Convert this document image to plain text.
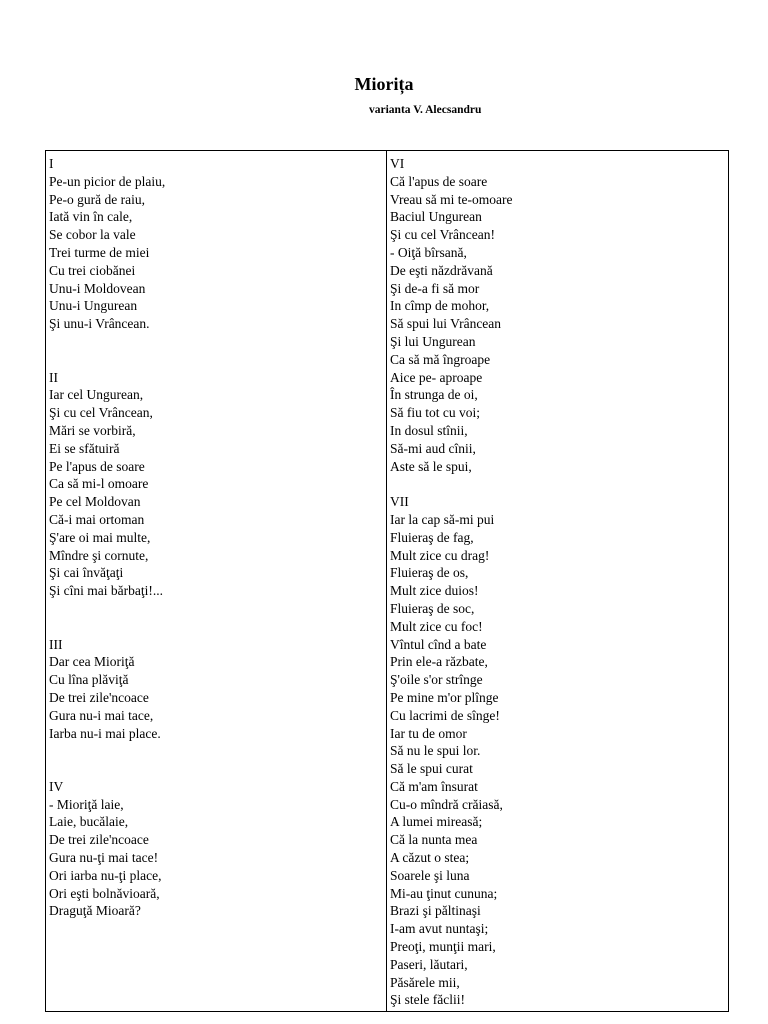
Miorița
varianta V. Alecsandru
I
Pe-un picior de plaiu,
Pe-o gură de raiu,
Iată vin în cale,
Se cobor la vale
Trei turme de miei
Cu trei ciobănei
Unu-i Moldovean
Unu-i Ungurean
Şi unu-i Vrâncean.
II
Iar cel Ungurean,
Şi cu cel Vrâncean,
Mări se vorbiră,
Ei se sfătuiră
Pe l'apus de soare
Ca să mi-l omoare
Pe cel Moldovan
Că-i mai ortoman
Ş'are oi mai multe,
Mîndre şi cornute,
Şi cai învăţaţi
Şi cîni mai bărbaţi!...
III
Dar cea Mioriţă
Cu lîna plăviţă
De trei zile'ncoace
Gura nu-i mai tace,
Iarba nu-i mai place.
IV
- Mioriţă laie,
Laie, bucălaie,
De trei zile'ncoace
Gura nu-ţi mai tace!
Ori iarba nu-ţi place,
Ori eşti bolnăvioară,
Draguţă Mioară?
VI
Că l'apus de soare
Vreau să mi te-omoare
Baciul Ungurean
Şi cu cel Vrâncean!
- Oiţă bîrsană,
De eşti năzdrăvană
Şi de-a fi să mor
In cîmp de mohor,
Să spui lui Vrâncean
Şi lui Ungurean
Ca să mă îngroape
Aice pe- aproape
În strunga de oi,
Să fiu tot cu voi;
In dosul stînii,
Să-mi aud cînii,
Aste să le spui,
VII
Iar la cap să-mi pui
Fluieraş de fag,
Mult zice cu drag!
Fluieraş de os,
Mult zice duios!
Fluieraş de soc,
Mult zice cu foc!
Vîntul cînd a bate
Prin ele-a răzbate,
Ş'oile s'or strînge
Pe mine m'or plînge
Cu lacrimi de sînge!
Iar tu de omor
Să nu le spui lor.
Să le spui curat
Că m'am însurat
Cu-o mîndră crăiasă,
A lumei mireasă;
Că la nunta mea
A căzut o stea;
Soarele şi luna
Mi-au ţinut cununa;
Brazi şi păltinaşi
I-am avut nuntaşi;
Preoţi, munţii mari,
Paseri, lăutari,
Păsărele mii,
Şi stele făclii!
